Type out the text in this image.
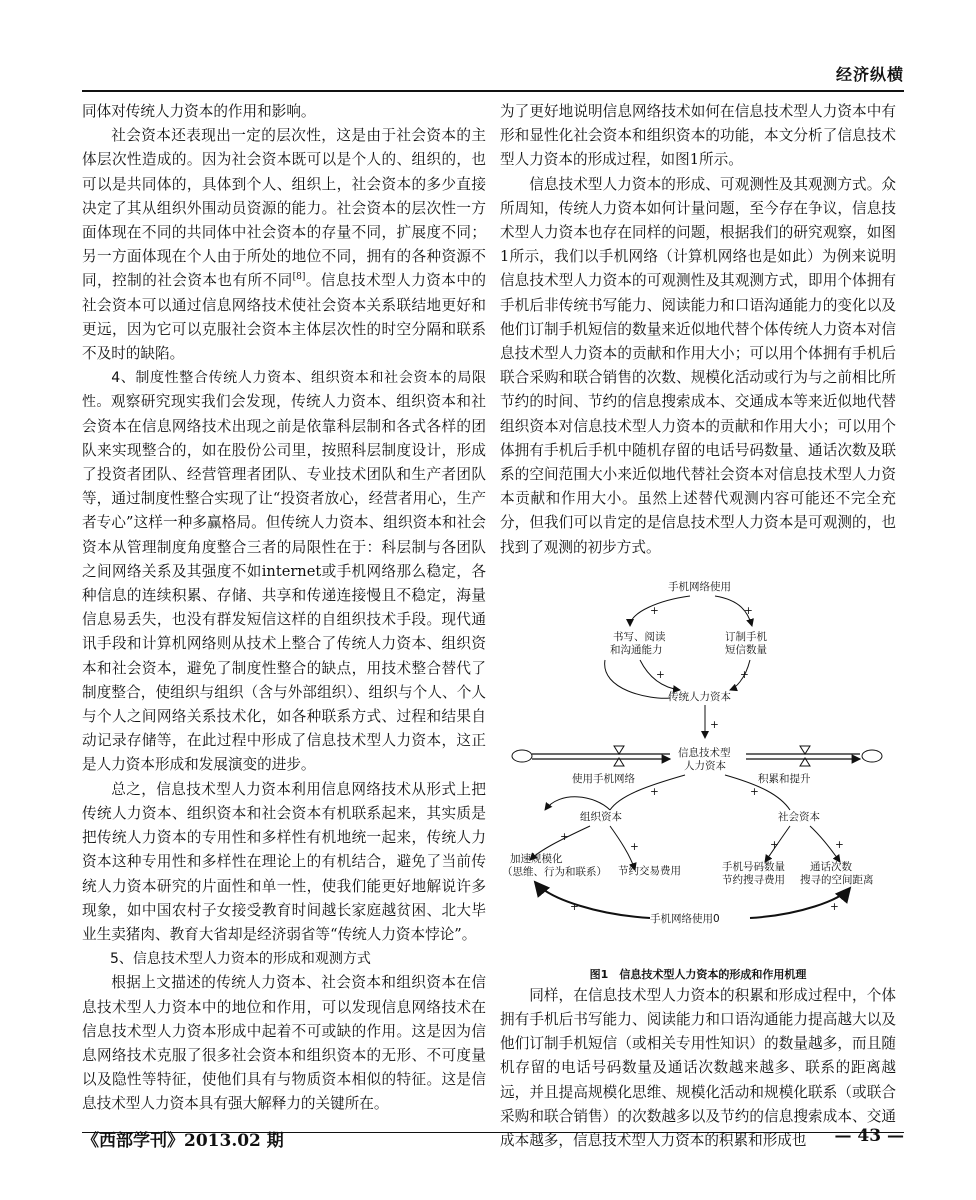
经济纵横

同体对传统人力资本的作用和影响。

社会资本还表现出一定的层次性，这是由于社会资本的主体层次性造成的。因为社会资本既可以是个人的、组织的，也可以是共同体的，具体到个人、组织上，社会资本的多少直接决定了其从组织外围动员资源的能力。社会资本的层次性一方面体现在不同的共同体中社会资本的存量不同，扩展度不同；另一方面体现在个人由于所处的地位不同，拥有的各种资源不同，控制的社会资本也有所不同[8]。信息技术型人力资本中的社会资本可以通过信息网络技术使社会资本关系联结地更好和更远，因为它可以克服社会资本主体层次性的时空分隔和联系不及时的缺陷。

4、制度性整合传统人力资本、组织资本和社会资本的局限性。观察研究现实我们会发现，传统人力资本、组织资本和社会资本在信息网络技术出现之前是依靠科层制和各式各样的团队来实现整合的，如在股份公司里，按照科层制度设计，形成了投资者团队、经营管理者团队、专业技术团队和生产者团队等，通过制度性整合实现了让“投资者放心，经营者用心，生产者专心”这样一种多赢格局。但传统人力资本、组织资本和社会资本从管理制度角度整合三者的局限性在于：科层制与各团队之间网络关系及其强度不如internet或手机网络那么稳定，各种信息的连续积累、存储、共享和传递连接慢且不稳定，海量信息易丢失，也没有群发短信这样的自组织技术手段。现代通讯手段和计算机网络则从技术上整合了传统人力资本、组织资本和社会资本，避免了制度性整合的缺点，用技术整合替代了制度整合，使组织与组织（含与外部组织）、组织与个人、个人与个人之间网络关系技术化，如各种联系方式、过程和结果自动记录存储等，在此过程中形成了信息技术型人力资本，这正是人力资本形成和发展演变的进步。

总之，信息技术型人力资本利用信息网络技术从形式上把传统人力资本、组织资本和社会资本有机联系起来，其实质是把传统人力资本的专用性和多样性有机地统一起来，传统人力资本这种专用性和多样性在理论上的有机结合，避免了当前传统人力资本研究的片面性和单一性，使我们能更好地解说许多现象，如中国农村子女接受教育时间越长家庭越贫困、北大毕业生卖猪肉、教育大省却是经济弱省等“传统人力资本悖论”。

5、信息技术型人力资本的形成和观测方式

根据上文描述的传统人力资本、社会资本和组织资本在信息技术型人力资本中的地位和作用，可以发现信息网络技术在信息技术型人力资本形成中起着不可或缺的作用。这是因为信息网络技术克服了很多社会资本和组织资本的无形、不可度量以及隐性等特征，使他们具有与物质资本相似的特征。这是信息技术型人力资本具有强大解释力的关键所在。

为了更好地说明信息网络技术如何在信息技术型人力资本中有形和显性化社会资本和组织资本的功能，本文分析了信息技术型人力资本的形成过程，如图1所示。

信息技术型人力资本的形成、可观测性及其观测方式。众所周知，传统人力资本如何计量问题，至今存在争议，信息技术型人力资本也存在同样的问题，根据我们的研究观察，如图1所示，我们以手机网络（计算机网络也是如此）为例来说明信息技术型人力资本的可观测性及其观测方式，即用个体拥有手机后非传统书写能力、阅读能力和口语沟通能力的变化以及他们订制手机短信的数量来近似地代替个体传统人力资本对信息技术型人力资本的贡献和作用大小；可以用个体拥有手机后联合采购和联合销售的次数、规模化活动或行为与之前相比所节约的时间、节约的信息搜索成本、交通成本等来近似地代替组织资本对信息技术型人力资本的贡献和作用大小；可以用个体拥有手机后手机中随机存留的电话号码数量、通话次数及联系的空间范围大小来近似地代替社会资本对信息技术型人力资本贡献和作用大小。虽然上述替代观测内容可能还不完全充分，但我们可以肯定的是信息技术型人力资本是可观测的，也找到了观测的初步方式。

手机网络使用
书写、阅读
和沟通能力
订制手机
短信数量
传统人力资本
信息技术型
人力资本
使用手机网络	积累和提升
组织资本	社会资本
加速规模化
（思维、行为和联系） 节约交易费用	手机号码数量
节约搜寻费用
通话次数
搜寻的空间距离
手机网络使用0
+	+
+	+
+
+	+
+
+	+	+
+	+

图1　信息技术型人力资本的形成和作用机理

同样，在信息技术型人力资本的积累和形成过程中，个体拥有手机后书写能力、阅读能力和口语沟通能力提高越大以及他们订制手机短信（或相关专用性知识）的数量越多，而且随机存留的电话号码数量及通话次数越来越多、联系的距离越远，并且提高规模化思维、规模化活动和规模化联系（或联合采购和联合销售）的次数越多以及节约的信息搜索成本、交通成本越多，信息技术型人力资本的积累和形成也

《西部学刊》2013.02 期	— 43 —
